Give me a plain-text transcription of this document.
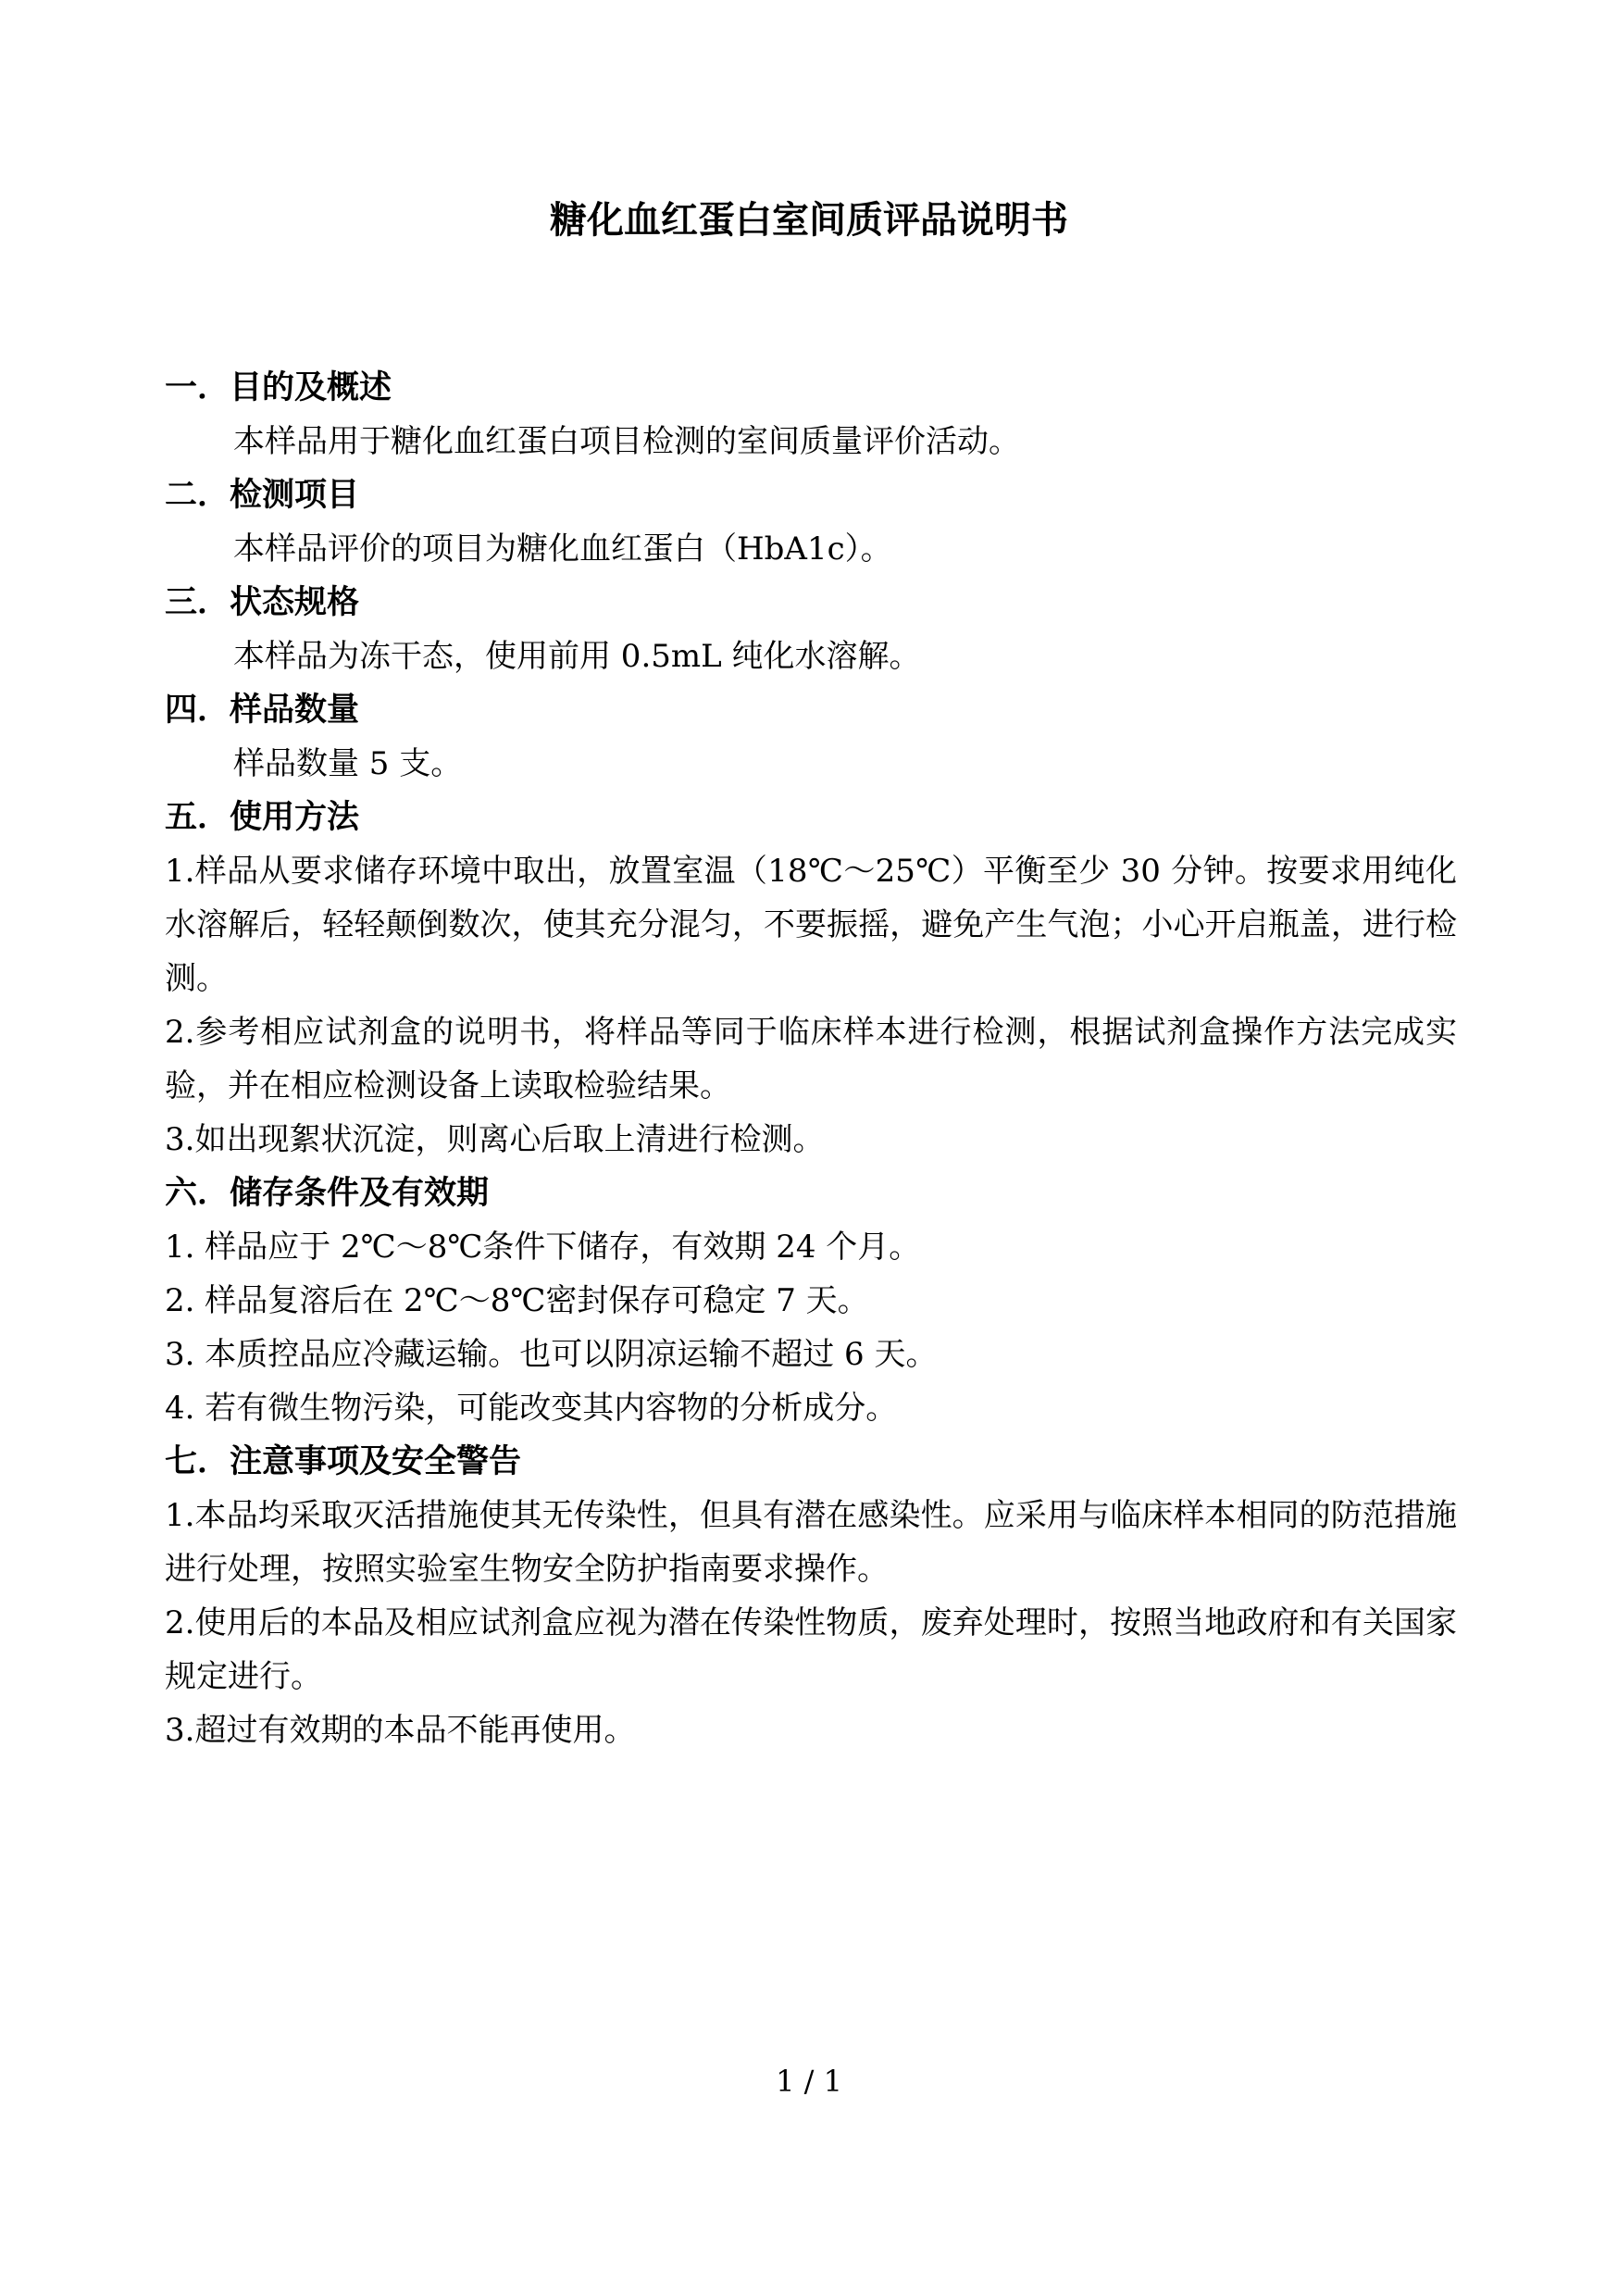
糖化血红蛋白室间质评品说明书
一．目的及概述
本样品用于糖化血红蛋白项目检测的室间质量评价活动。
二．检测项目
本样品评价的项目为糖化血红蛋白（HbA1c）。
三．状态规格
本样品为冻干态，使用前用 0.5mL 纯化水溶解。
四．样品数量
样品数量 5 支。
五．使用方法

1.样品从要求储存环境中取出，放置室温（18℃～25℃）平衡至少 30 分钟。按要求用纯化水溶解后，轻轻颠倒数次，使其充分混匀，不要振摇，避免产生气泡；小心开启瓶盖，进行检测。

2.参考相应试剂盒的说明书，将样品等同于临床样本进行检测，根据试剂盒操作方法完成实验，并在相应检测设备上读取检验结果。

3.如出现絮状沉淀，则离心后取上清进行检测。

六．储存条件及有效期
1. 样品应于 2℃～8℃条件下储存，有效期 24 个月。
2. 样品复溶后在 2℃～8℃密封保存可稳定 7 天。
3. 本质控品应冷藏运输。也可以阴凉运输不超过 6 天。
4. 若有微生物污染，可能改变其内容物的分析成分。
七．注意事项及安全警告

1.本品均采取灭活措施使其无传染性，但具有潜在感染性。应采用与临床样本相同的防范措施进行处理，按照实验室生物安全防护指南要求操作。

2.使用后的本品及相应试剂盒应视为潜在传染性物质，废弃处理时，按照当地政府和有关国家规定进行。

3.超过有效期的本品不能再使用。

1 / 1
